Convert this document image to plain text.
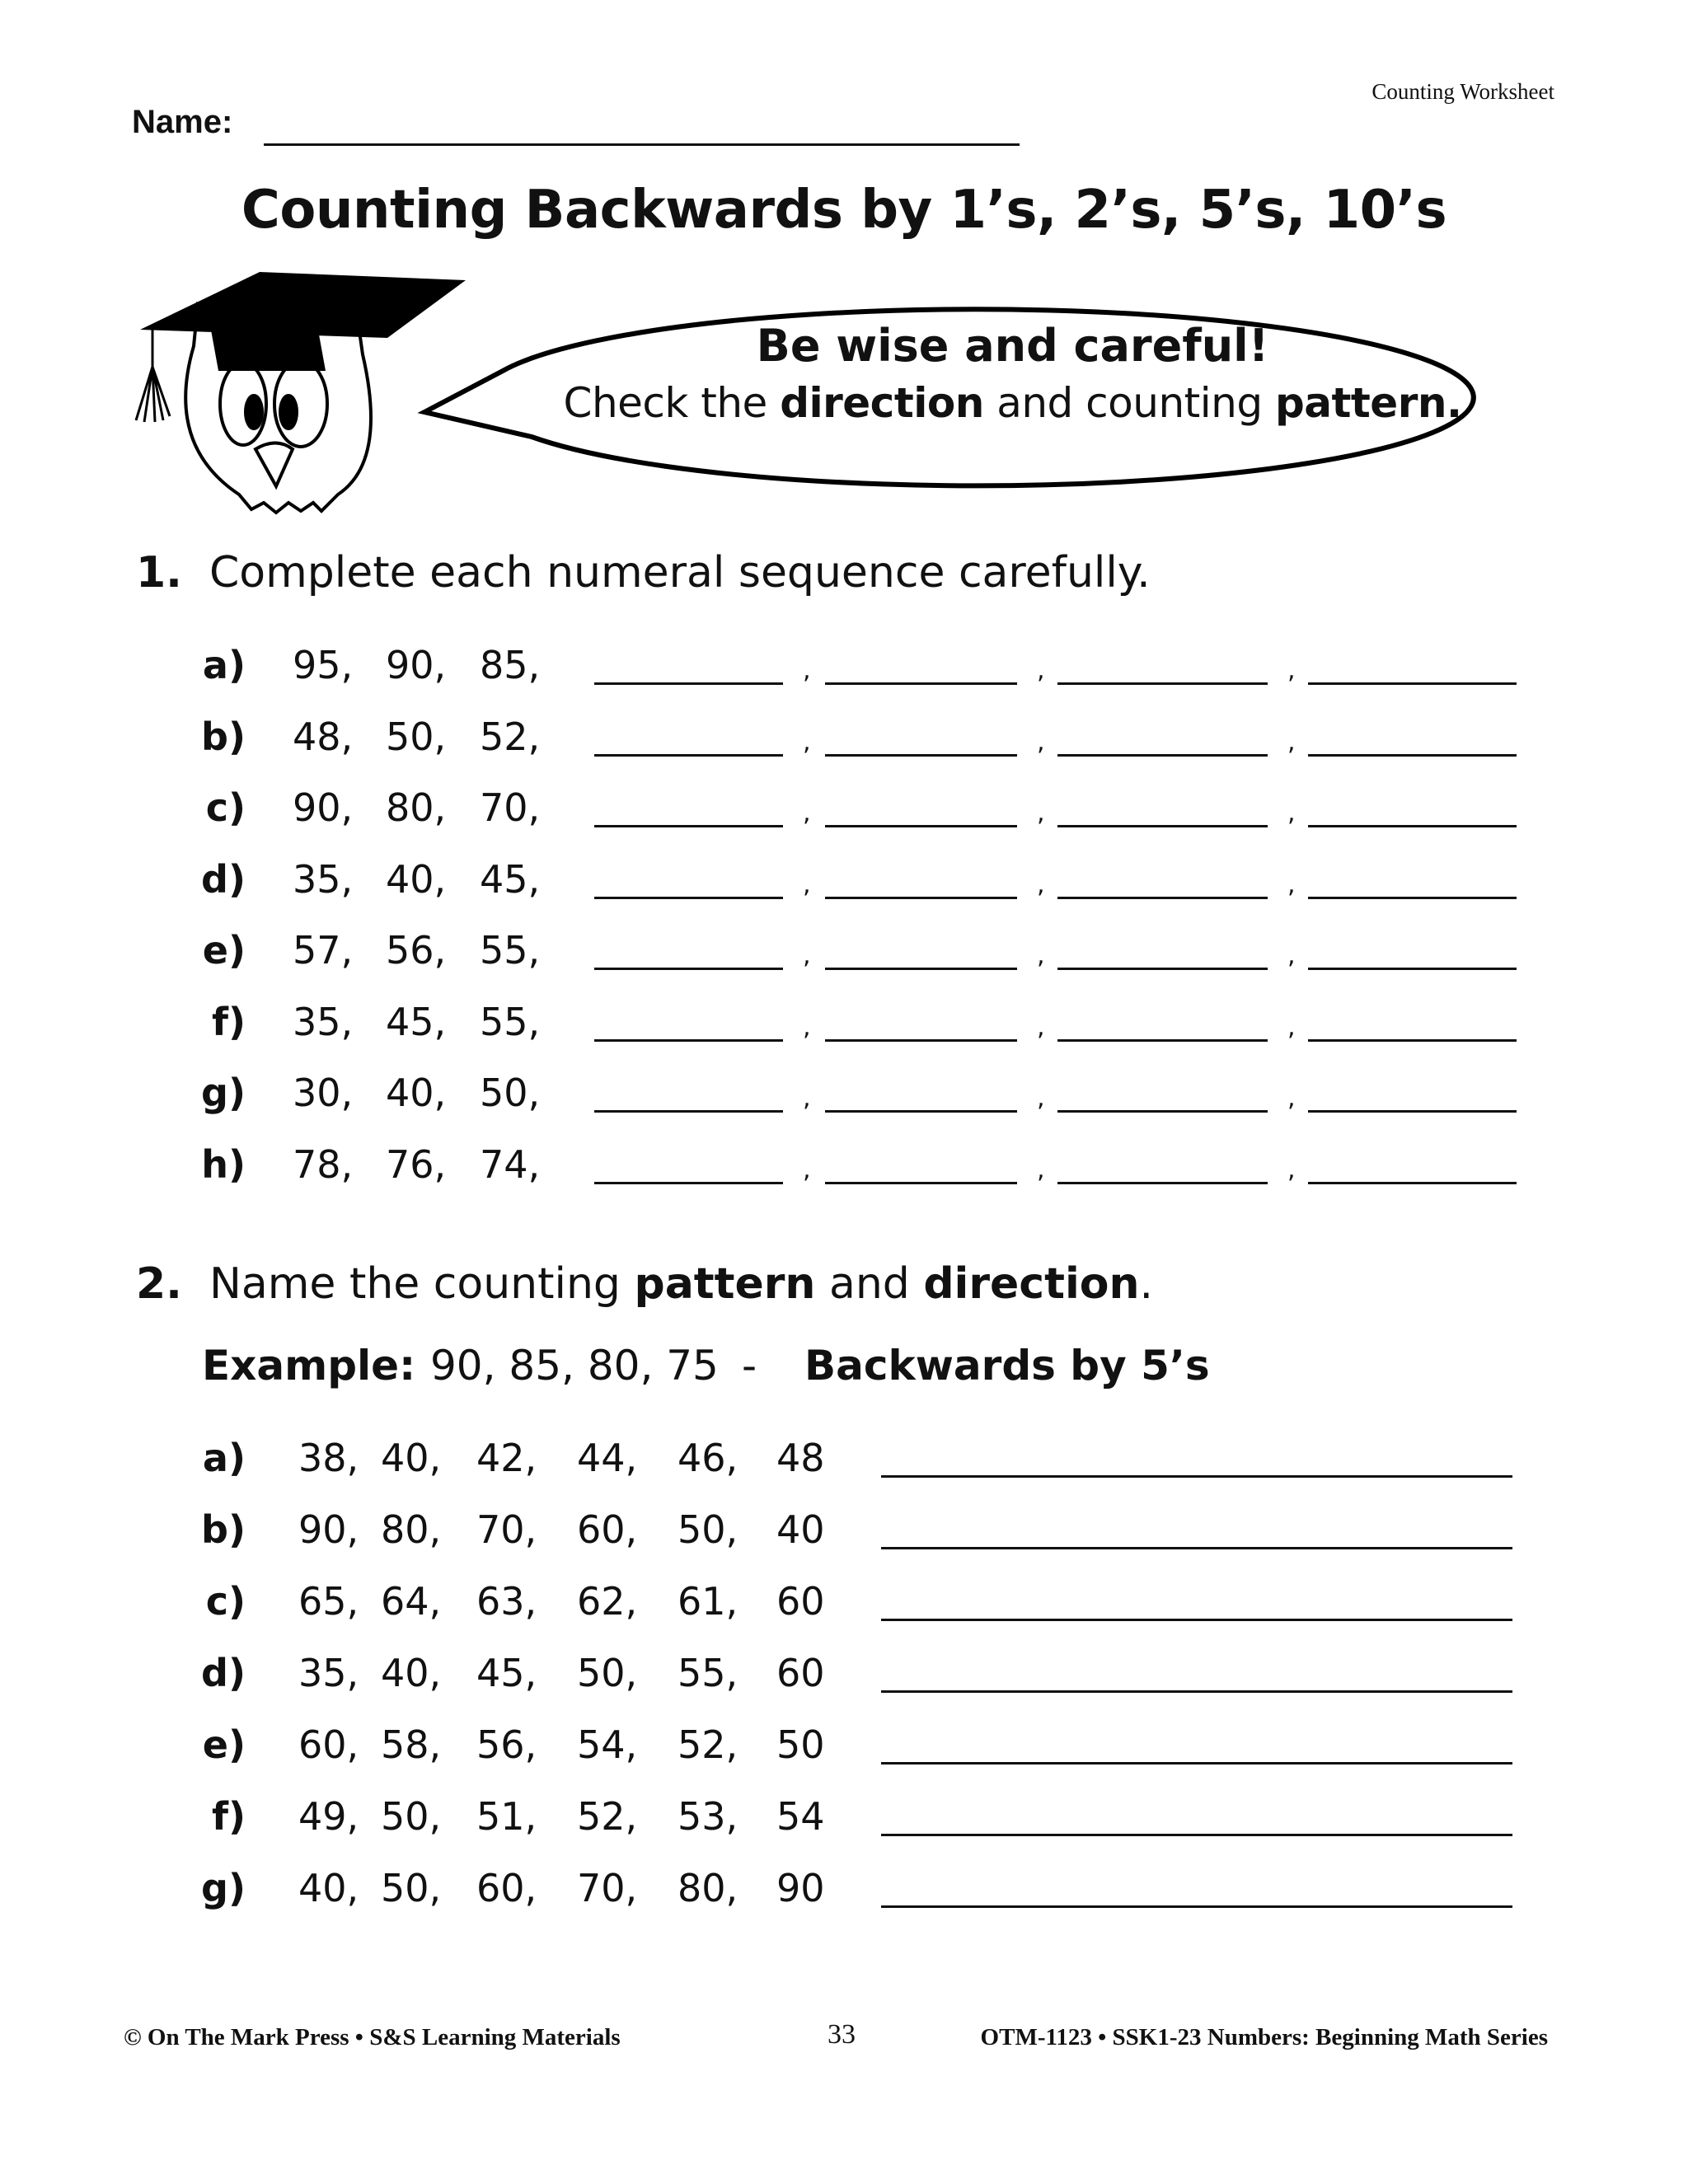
Counting Worksheet
Name:
Counting Backwards by 1’s, 2’s, 5’s, 10’s
Be wise and careful!
Check the direction and counting pattern.
1. Complete each numeral sequence carefully.
a) 95, 90, 85,	,	,	,
b) 48, 50, 52,	,	,	,
c) 90, 80, 70,	,	,	,
d) 35, 40, 45,	,	,	,
e) 57, 56, 55,	,	,	,
f) 35, 45, 55,	,	,	,
g) 30, 40, 50,	,	,	,
h) 78, 76, 74,	,	,	,
2. Name the counting pattern and direction.
Example: 90, 85, 80, 75 - Backwards by 5’s
a) 38, 40, 42, 44, 46, 48
b) 90, 80, 70, 60, 50, 40
c) 65, 64, 63, 62, 61, 60
d) 35, 40, 45, 50, 55, 60
e) 60, 58, 56, 54, 52, 50
f) 49, 50, 51, 52, 53, 54
g) 40, 50, 60, 70, 80, 90
© On The Mark Press • S&S Learning Materials	33	OTM-1123 • SSK1-23 Numbers: Beginning Math Series
